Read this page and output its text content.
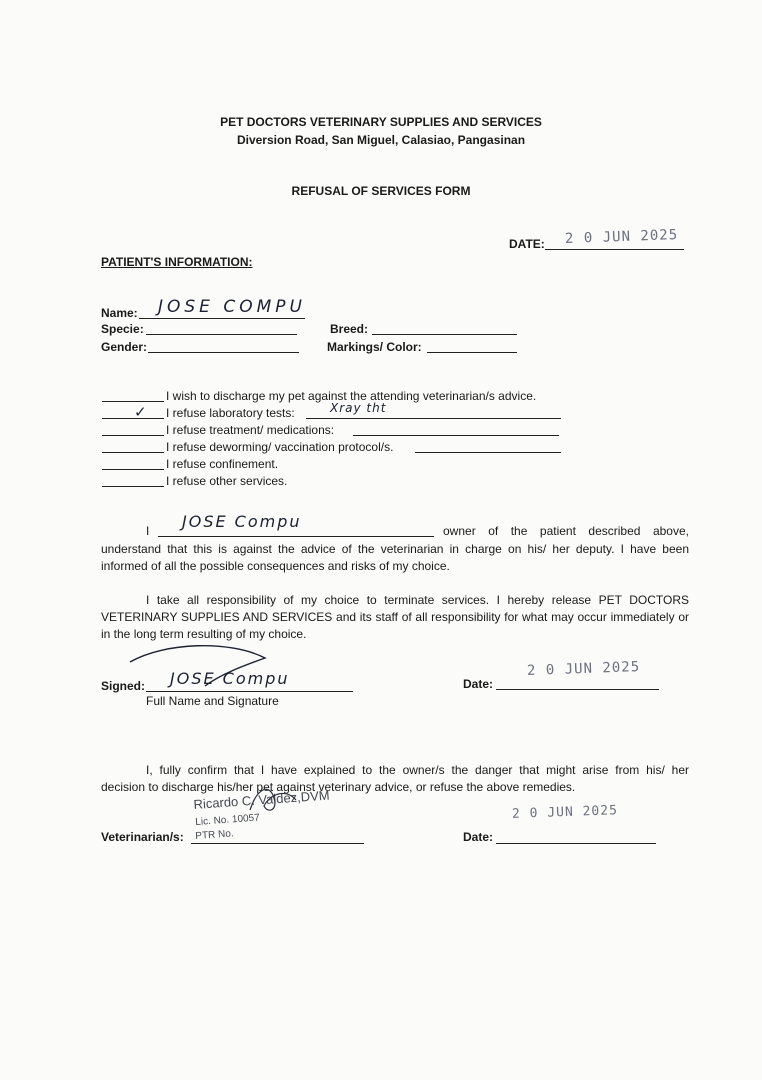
PET DOCTORS VETERINARY SUPPLIES AND SERVICES
Diversion Road, San Miguel, Calasiao, Pangasinan
REFUSAL OF SERVICES FORM
DATE: 2 0 JUN 2025
PATIENT'S INFORMATION:
Name: JOSE COMPU
Specie:	Breed:
Gender:	Markings/ Color:
I wish to discharge my pet against the attending veterinarian/s advice.
✓ I refuse laboratory tests:	Xray tht
I refuse treatment/ medications:
I refuse deworming/ vaccination protocol/s.
I refuse confinement.
I refuse other services.
I JOSE Compu	owner of the patient described above,
understand that this is against the advice of the veterinarian in charge on his/ her deputy. I have been
informed of all the possible consequences and risks of my choice.
I take all responsibility of my choice to terminate services. I hereby release PET DOCTORS
VETERINARY SUPPLIES AND SERVICES and its staff of all responsibility for what may occur immediately or
in the long term resulting of my choice.
Signed: JOSE Compu
Full Name and Signature
Date:
2 0 JUN 2025
I, fully confirm that I have explained to the owner/s the danger that might arise from his/ her
decision to discharge his/her pet against veterinary advice, or refuse the above remedies.
Veterinarian/s:
Ricardo C. Valdez,DVM
Lic. No. 10057
PTR No.	Date:
2 0 JUN 2025
